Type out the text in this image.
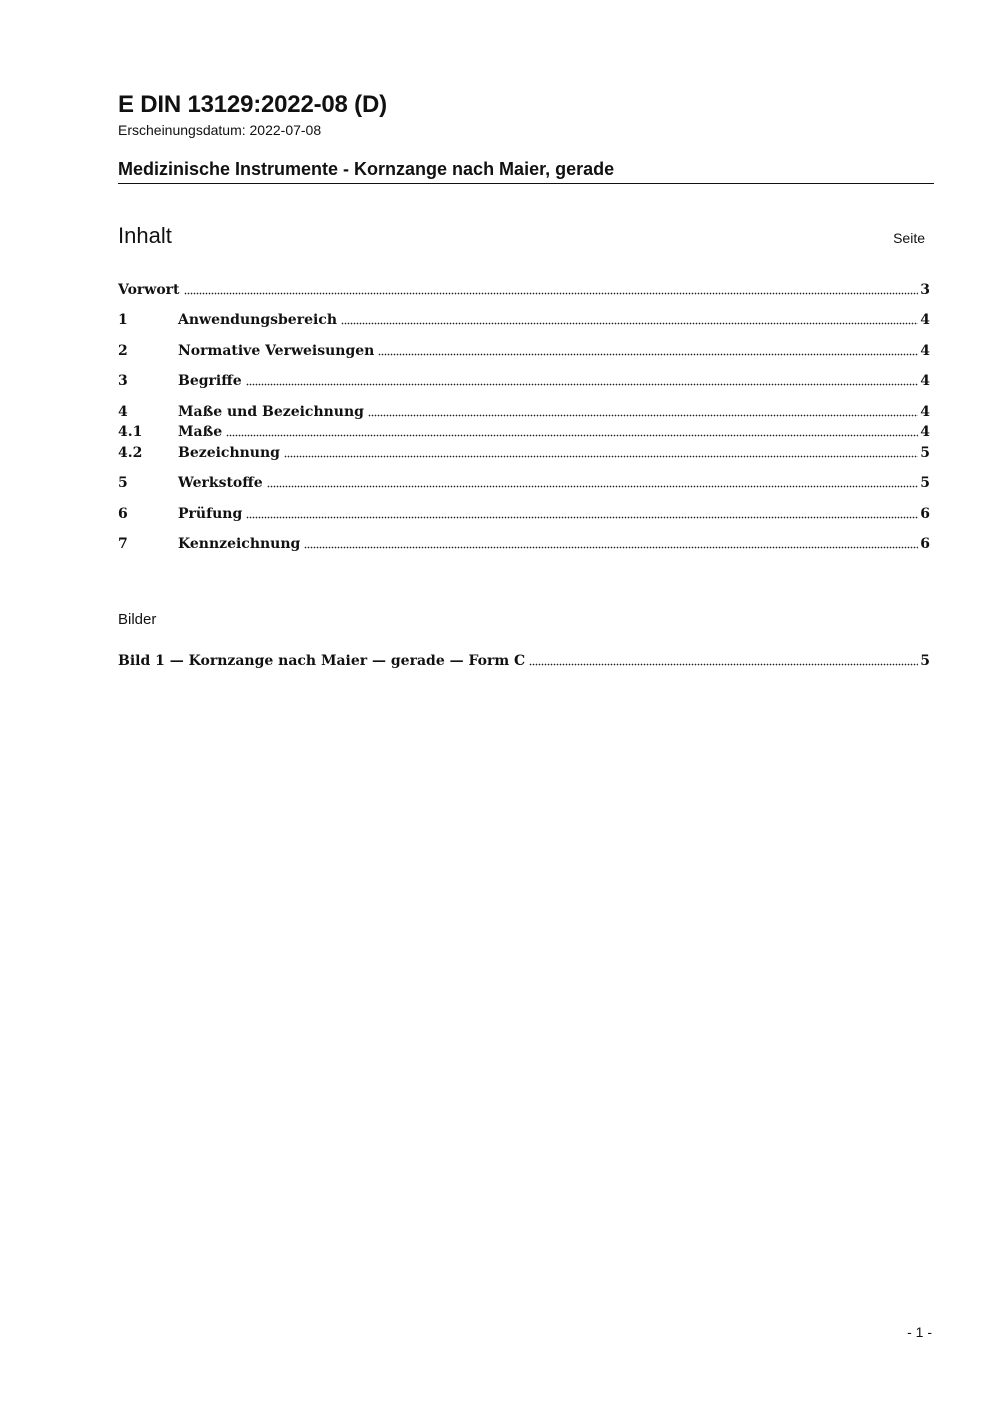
E DIN 13129:2022-08 (D)
Erscheinungsdatum: 2022-07-08
Medizinische Instrumente - Kornzange nach Maier, gerade
Inhalt	Seite
Vorwort	3
1	Anwendungsbereich	4
2	Normative Verweisungen	4
3	Begriffe	4
4	Maße und Bezeichnung	4
4.1	Maße	4
4.2	Bezeichnung	5
5	Werkstoffe	5
6	Prüfung	6
7	Kennzeichnung	6
Bilder
Bild 1 — Kornzange nach Maier — gerade — Form C	5
- 1 -
